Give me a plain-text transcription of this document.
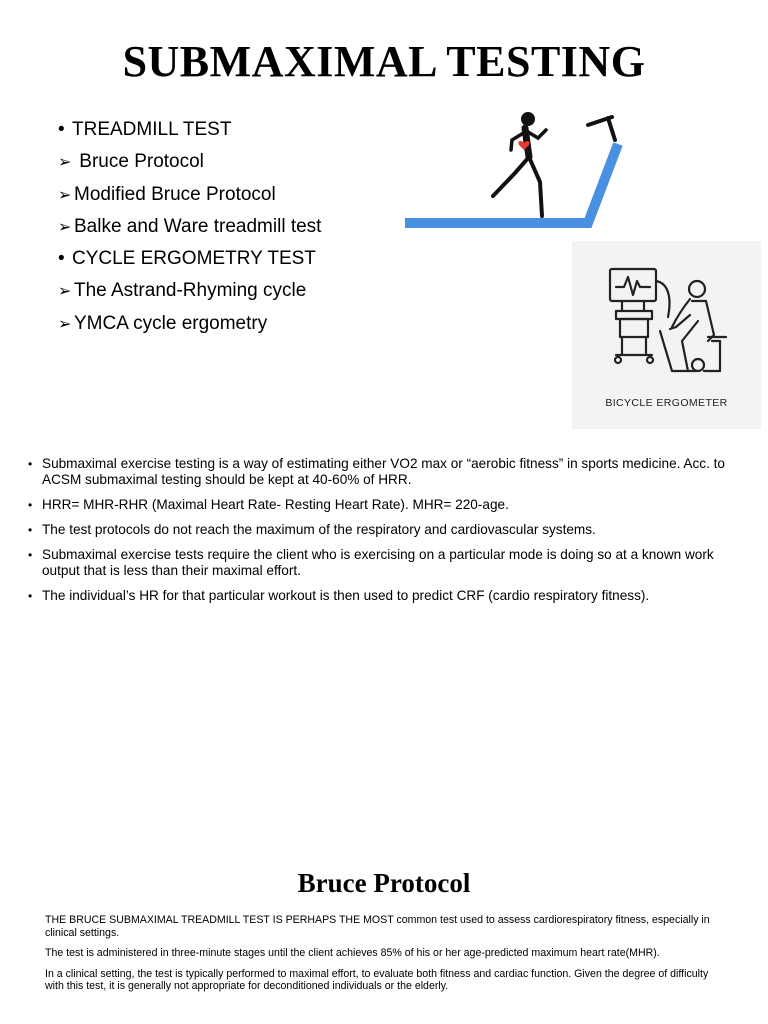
SUBMAXIMAL TESTING
• TREADMILL TEST
➢ Bruce Protocol
➢ Modified Bruce Protocol
➢ Balke and Ware treadmill test
• CYCLE ERGOMETRY TEST
➢ The Astrand-Rhyming cycle
➢ YMCA cycle ergometry
BICYCLE ERGOMETER
• Submaximal exercise testing is a way of estimating either VO2 max or “aerobic fitness” in sports medicine. Acc. to ACSM submaximal testing should be kept at 40-60% of HRR.
• HRR= MHR-RHR (Maximal Heart Rate- Resting Heart Rate). MHR= 220-age.
• The test protocols do not reach the maximum of the respiratory and cardiovascular systems.
• Submaximal exercise tests require the client who is exercising on a particular mode is doing so at a known work output that is less than their maximal effort.
• The individual’s HR for that particular workout is then used to predict CRF (cardio respiratory fitness).
Bruce Protocol

THE BRUCE SUBMAXIMAL TREADMILL TEST IS PERHAPS THE MOST common test used to assess cardiorespiratory fitness, especially in clinical settings.

The test is administered in three-minute stages until the client achieves 85% of his or her age-predicted maximum heart rate(MHR).

In a clinical setting, the test is typically performed to maximal effort, to evaluate both fitness and cardiac function. Given the degree of difficulty with this test, it is generally not appropriate for deconditioned individuals or the elderly.
